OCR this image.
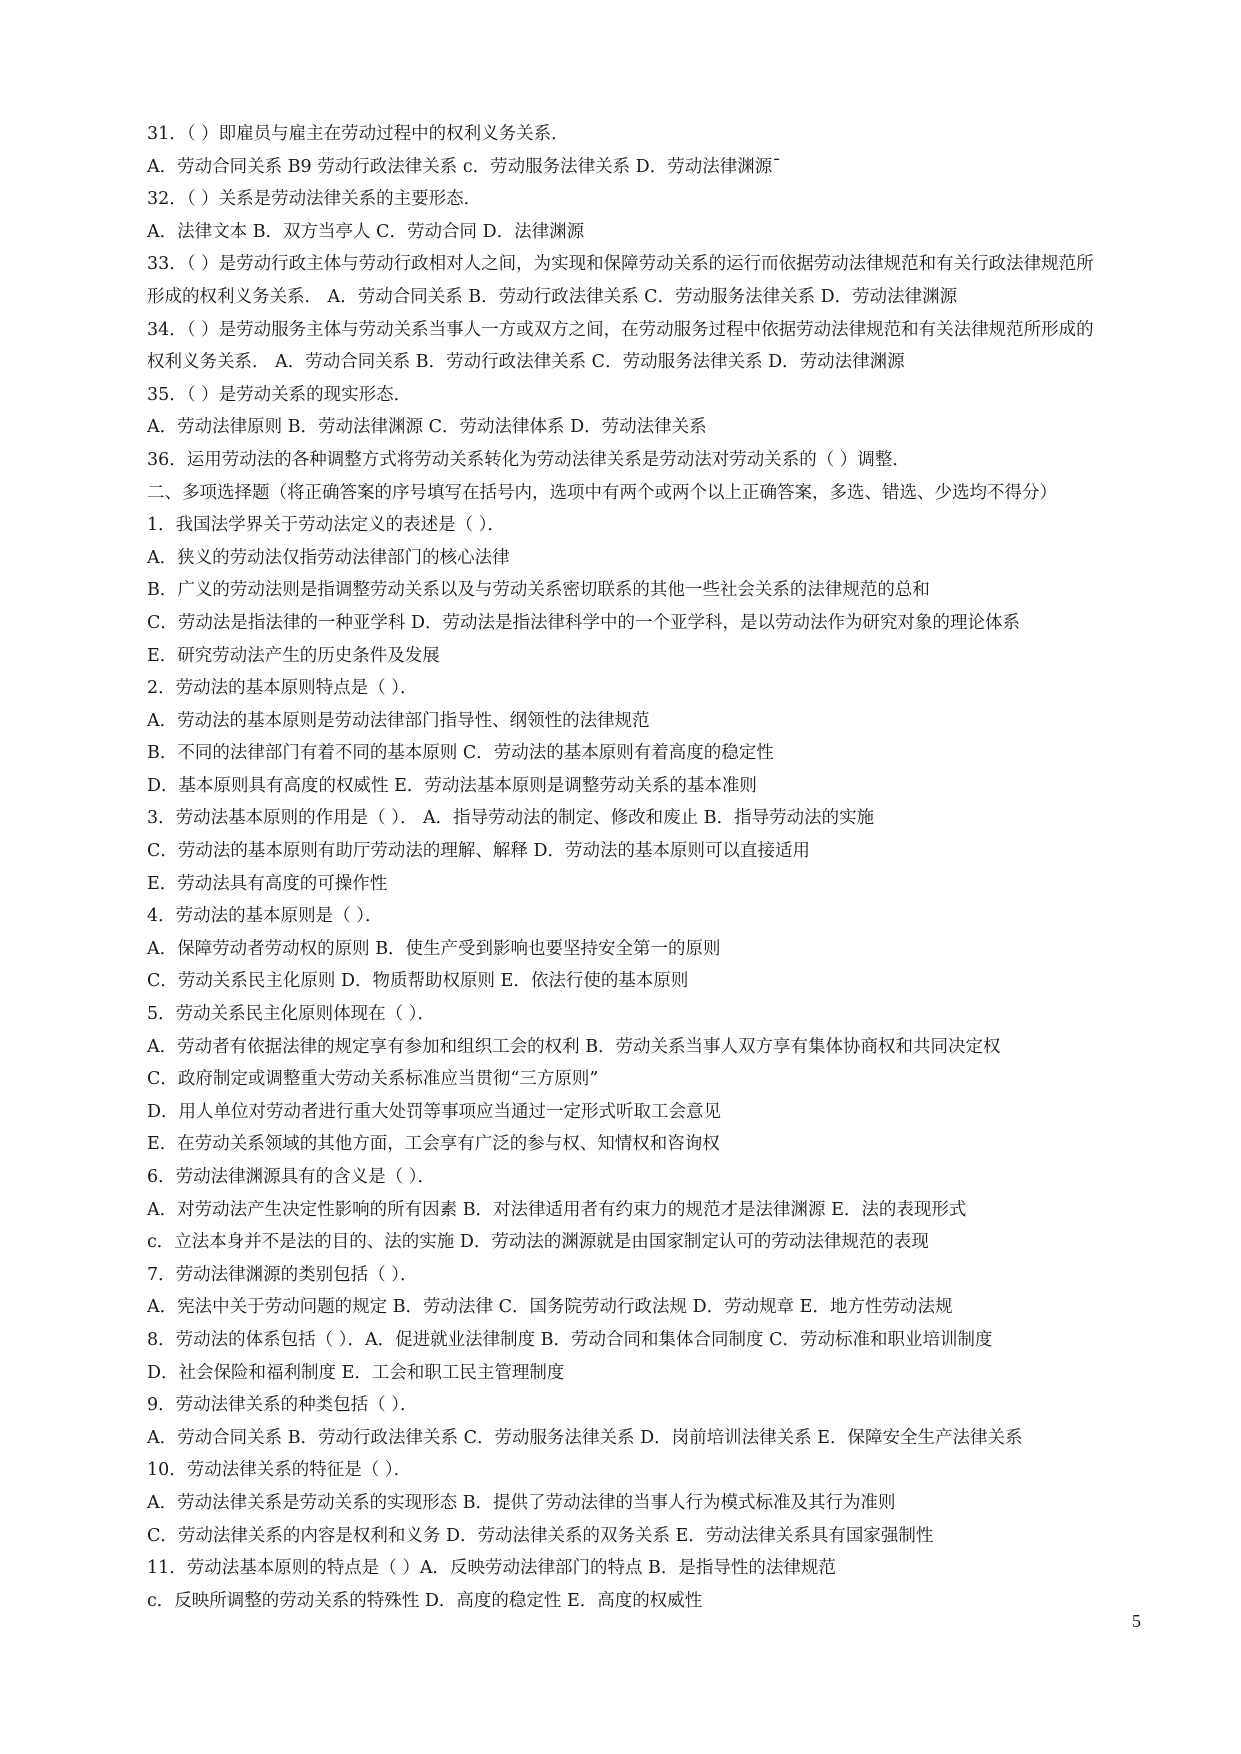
31．（ ）即雇员与雇主在劳动过程中的权利义务关系．
A．劳动合同关系 B9 劳动行政法律关系 c．劳动服务法律关系 D．劳动法律渊源ˉ
32．（ ）关系是劳动法律关系的主要形态．
A．法律文本 B．双方当亭人 C．劳动合同 D．法律渊源
33．（ ）是劳动行政主体与劳动行政相对人之间，为实现和保障劳动关系的运行而依据劳动法律规范和有关行政法律规范所
形成的权利义务关系． A．劳动合同关系 B．劳动行政法律关系 C．劳动服务法律关系 D．劳动法律渊源
34．（ ）是劳动服务主体与劳动关系当事人一方或双方之间，在劳动服务过程中依据劳动法律规范和有关法律规范所形成的
权利义务关系． A．劳动合同关系 B．劳动行政法律关系 C．劳动服务法律关系 D．劳动法律渊源
35．（ ）是劳动关系的现实形态．
A．劳动法律原则 B．劳动法律渊源 C．劳动法律体系 D．劳动法律关系
36．运用劳动法的各种调整方式将劳动关系转化为劳动法律关系是劳动法对劳动关系的（ ）调整．
二、多项选择题（将正确答案的序号填写在括号内，选项中有两个或两个以上正确答案，多选、错选、少选均不得分）
1．我国法学界关于劳动法定义的表述是（ ）．
A．狭义的劳动法仅指劳动法律部门的核心法律
B．广义的劳动法则是指调整劳动关系以及与劳动关系密切联系的其他一些社会关系的法律规范的总和
C．劳动法是指法律的一种亚学科 D．劳动法是指法律科学中的一个亚学科，是以劳动法作为研究对象的理论体系
E．研究劳动法产生的历史条件及发展
2．劳动法的基本原则特点是（ ）．
A．劳动法的基本原则是劳动法律部门指导性、纲领性的法律规范
B．不同的法律部门有着不同的基本原则 C．劳动法的基本原则有着高度的稳定性
D．基本原则具有高度的权威性 E．劳动法基本原则是调整劳动关系的基本准则
3．劳动法基本原则的作用是（ ）． A．指导劳动法的制定、修改和废止 B．指导劳动法的实施
C．劳动法的基本原则有助厅劳动法的理解、解释 D．劳动法的基本原则可以直接适用
E．劳动法具有高度的可操作性
4．劳动法的基本原则是（ ）．
A．保障劳动者劳动权的原则 B．使生产受到影响也要坚持安全第一的原则
C．劳动关系民主化原则 D．物质帮助权原则 E．依法行使的基本原则
5．劳动关系民主化原则体现在（ ）．
A．劳动者有依据法律的规定享有参加和组织工会的权利 B．劳动关系当事人双方享有集体协商权和共同决定权
C．政府制定或调整重大劳动关系标准应当贯彻“三方原则”
D．用人单位对劳动者进行重大处罚等事项应当通过一定形式听取工会意见
E．在劳动关系领域的其他方面，工会享有广泛的参与权、知情权和咨询权
6．劳动法律渊源具有的含义是（ ）．
A．对劳动法产生决定性影响的所有因素 B．对法律适用者有约束力的规范才是法律渊源 E．法的表现形式
c．立法本身并不是法的目的、法的实施 D．劳动法的渊源就是由国家制定认可的劳动法律规范的表现
7．劳动法律渊源的类别包括（ ）．
A．宪法中关于劳动问题的规定 B．劳动法律 C．国务院劳动行政法规 D．劳动规章 E．地方性劳动法规
8．劳动法的体系包括（ ）．A．促进就业法律制度 B．劳动合同和集体合同制度 C．劳动标准和职业培训制度
D．社会保险和福利制度 E．工会和职工民主管理制度
9．劳动法律关系的种类包括（ ）．
A．劳动合同关系 B．劳动行政法律关系 C．劳动服务法律关系 D．岗前培训法律关系 E．保障安全生产法律关系
10．劳动法律关系的特征是（ ）．
A．劳动法律关系是劳动关系的实现形态 B．提供了劳动法律的当事人行为模式标准及其行为准则
C．劳动法律关系的内容是权利和义务 D．劳动法律关系的双务关系 E．劳动法律关系具有国家强制性
11．劳动法基本原则的特点是（ ）A．反映劳动法律部门的特点 B．是指导性的法律规范
c．反映所调整的劳动关系的特殊性 D．高度的稳定性 E．高度的权威性
5
